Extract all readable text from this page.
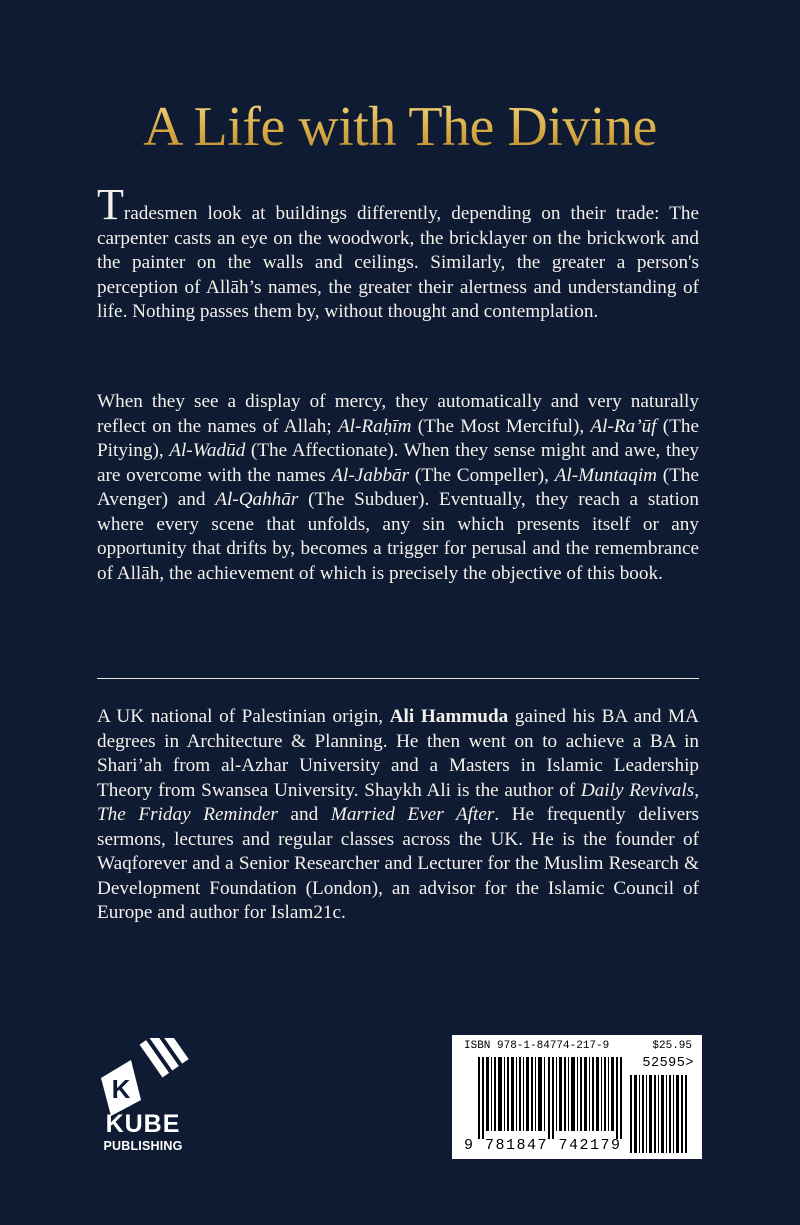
A Life with The Divine
Tradesmen look at buildings differently, depending on their trade: The carpenter casts an eye on the woodwork, the bricklayer on the brickwork and the painter on the walls and ceilings. Similarly, the greater a person's perception of Allāh’s names, the greater their alertness and understanding of life. Nothing passes them by, without thought and contemplation.
When they see a display of mercy, they automatically and very naturally reflect on the names of Allah; Al-Raḥīm (The Most Merciful), Al-Ra’ūf (The Pitying), Al-Wadūd (The Affectionate). When they sense might and awe, they are overcome with the names Al-Jabbār (The Compeller), Al-Muntaqim (The Avenger) and Al-Qahhār (The Subduer). Eventually, they reach a station where every scene that unfolds, any sin which presents itself or any opportunity that drifts by, becomes a trigger for perusal and the remembrance of Allāh, the achievement of which is precisely the objective of this book.
A UK national of Palestinian origin, Ali Hammuda gained his BA and MA degrees in Architecture & Planning. He then went on to achieve a BA in Shari’ah from al-Azhar University and a Masters in Islamic Leadership Theory from Swansea University. Shaykh Ali is the author of Daily Revivals, The Friday Reminder and Married Ever After. He frequently delivers sermons, lectures and regular classes across the UK. He is the founder of Waqforever and a Senior Researcher and Lecturer for the Muslim Research & Development Foundation (London), an advisor for the Islamic Council of Europe and author for Islam21c.
K
KUBE
PUBLISHING
ISBN 978-1-84774-217-9	$25.95
52595>
9 781847 742179
